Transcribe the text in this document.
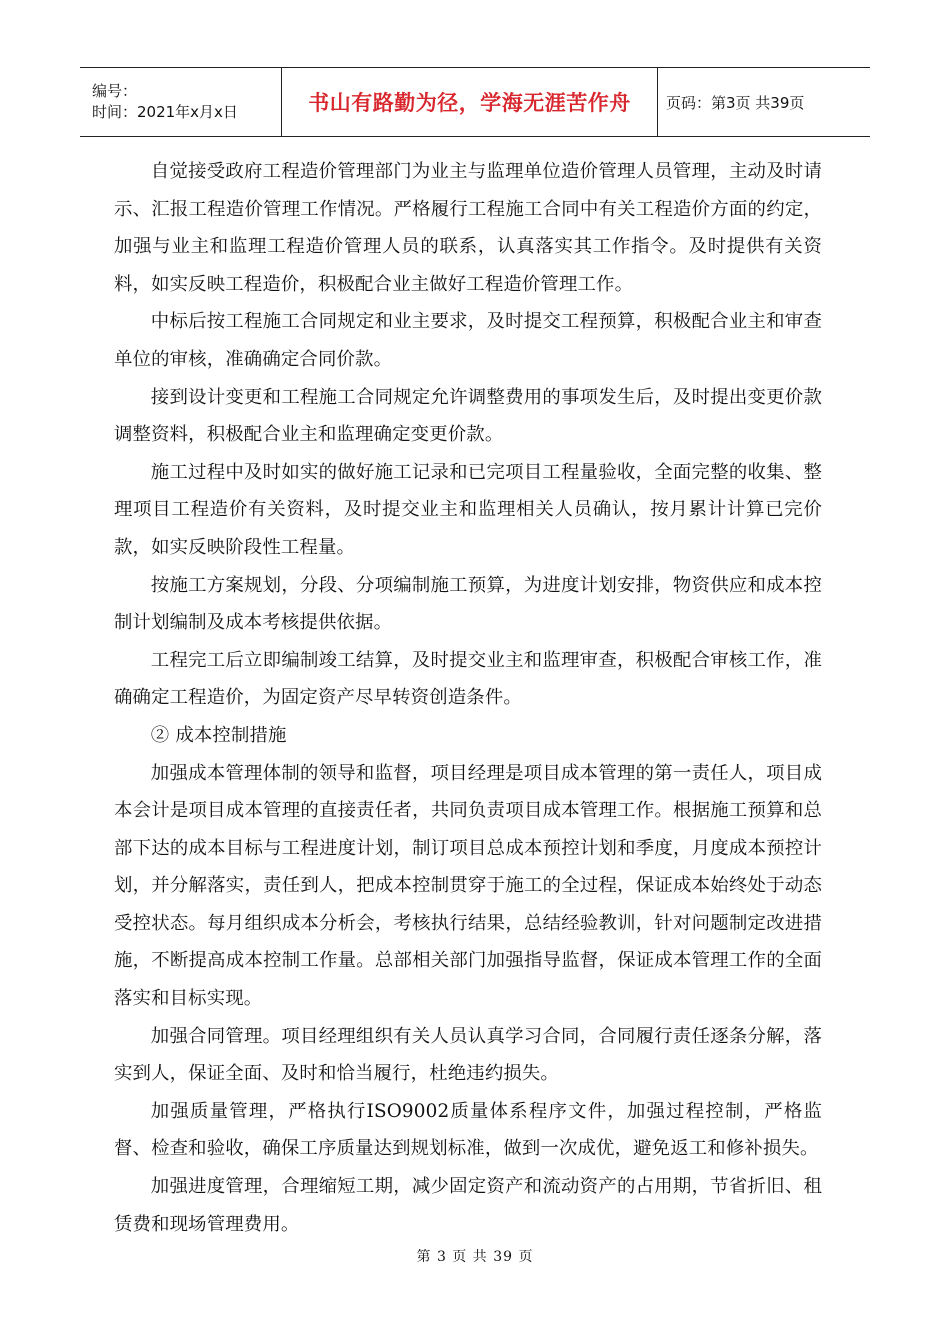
编号：
时间：2021年x月x日	书山有路勤为径，学海无涯苦作舟 页码：第3页 共39页

自觉接受政府工程造价管理部门为业主与监理单位造价管理人员管理，主动及时请示、汇报工程造价管理工作情况。严格履行工程施工合同中有关工程造价方面的约定，加强与业主和监理工程造价管理人员的联系，认真落实其工作指令。及时提供有关资料，如实反映工程造价，积极配合业主做好工程造价管理工作。

中标后按工程施工合同规定和业主要求，及时提交工程预算，积极配合业主和审查单位的审核，准确确定合同价款。

接到设计变更和工程施工合同规定允许调整费用的事项发生后，及时提出变更价款调整资料，积极配合业主和监理确定变更价款。

施工过程中及时如实的做好施工记录和已完项目工程量验收，全面完整的收集、整理项目工程造价有关资料，及时提交业主和监理相关人员确认，按月累计计算已完价款，如实反映阶段性工程量。

按施工方案规划，分段、分项编制施工预算，为进度计划安排，物资供应和成本控制计划编制及成本考核提供依据。

工程完工后立即编制竣工结算，及时提交业主和监理审查，积极配合审核工作，准确确定工程造价，为固定资产尽早转资创造条件。

② 成本控制措施

加强成本管理体制的领导和监督，项目经理是项目成本管理的第一责任人，项目成本会计是项目成本管理的直接责任者，共同负责项目成本管理工作。根据施工预算和总部下达的成本目标与工程进度计划，制订项目总成本预控计划和季度，月度成本预控计划，并分解落实，责任到人，把成本控制贯穿于施工的全过程，保证成本始终处于动态受控状态。每月组织成本分析会，考核执行结果，总结经验教训，针对问题制定改进措施，不断提高成本控制工作量。总部相关部门加强指导监督，保证成本管理工作的全面落实和目标实现。

加强合同管理。项目经理组织有关人员认真学习合同，合同履行责任逐条分解，落实到人，保证全面、及时和恰当履行，杜绝违约损失。

加强质量管理，严格执行ISO9002质量体系程序文件，加强过程控制，严格监督、检查和验收，确保工序质量达到规划标准，做到一次成优，避免返工和修补损失。

加强进度管理，合理缩短工期，减少固定资产和流动资产的占用期，节省折旧、租赁费和现场管理费用。

第 3 页 共 39 页
